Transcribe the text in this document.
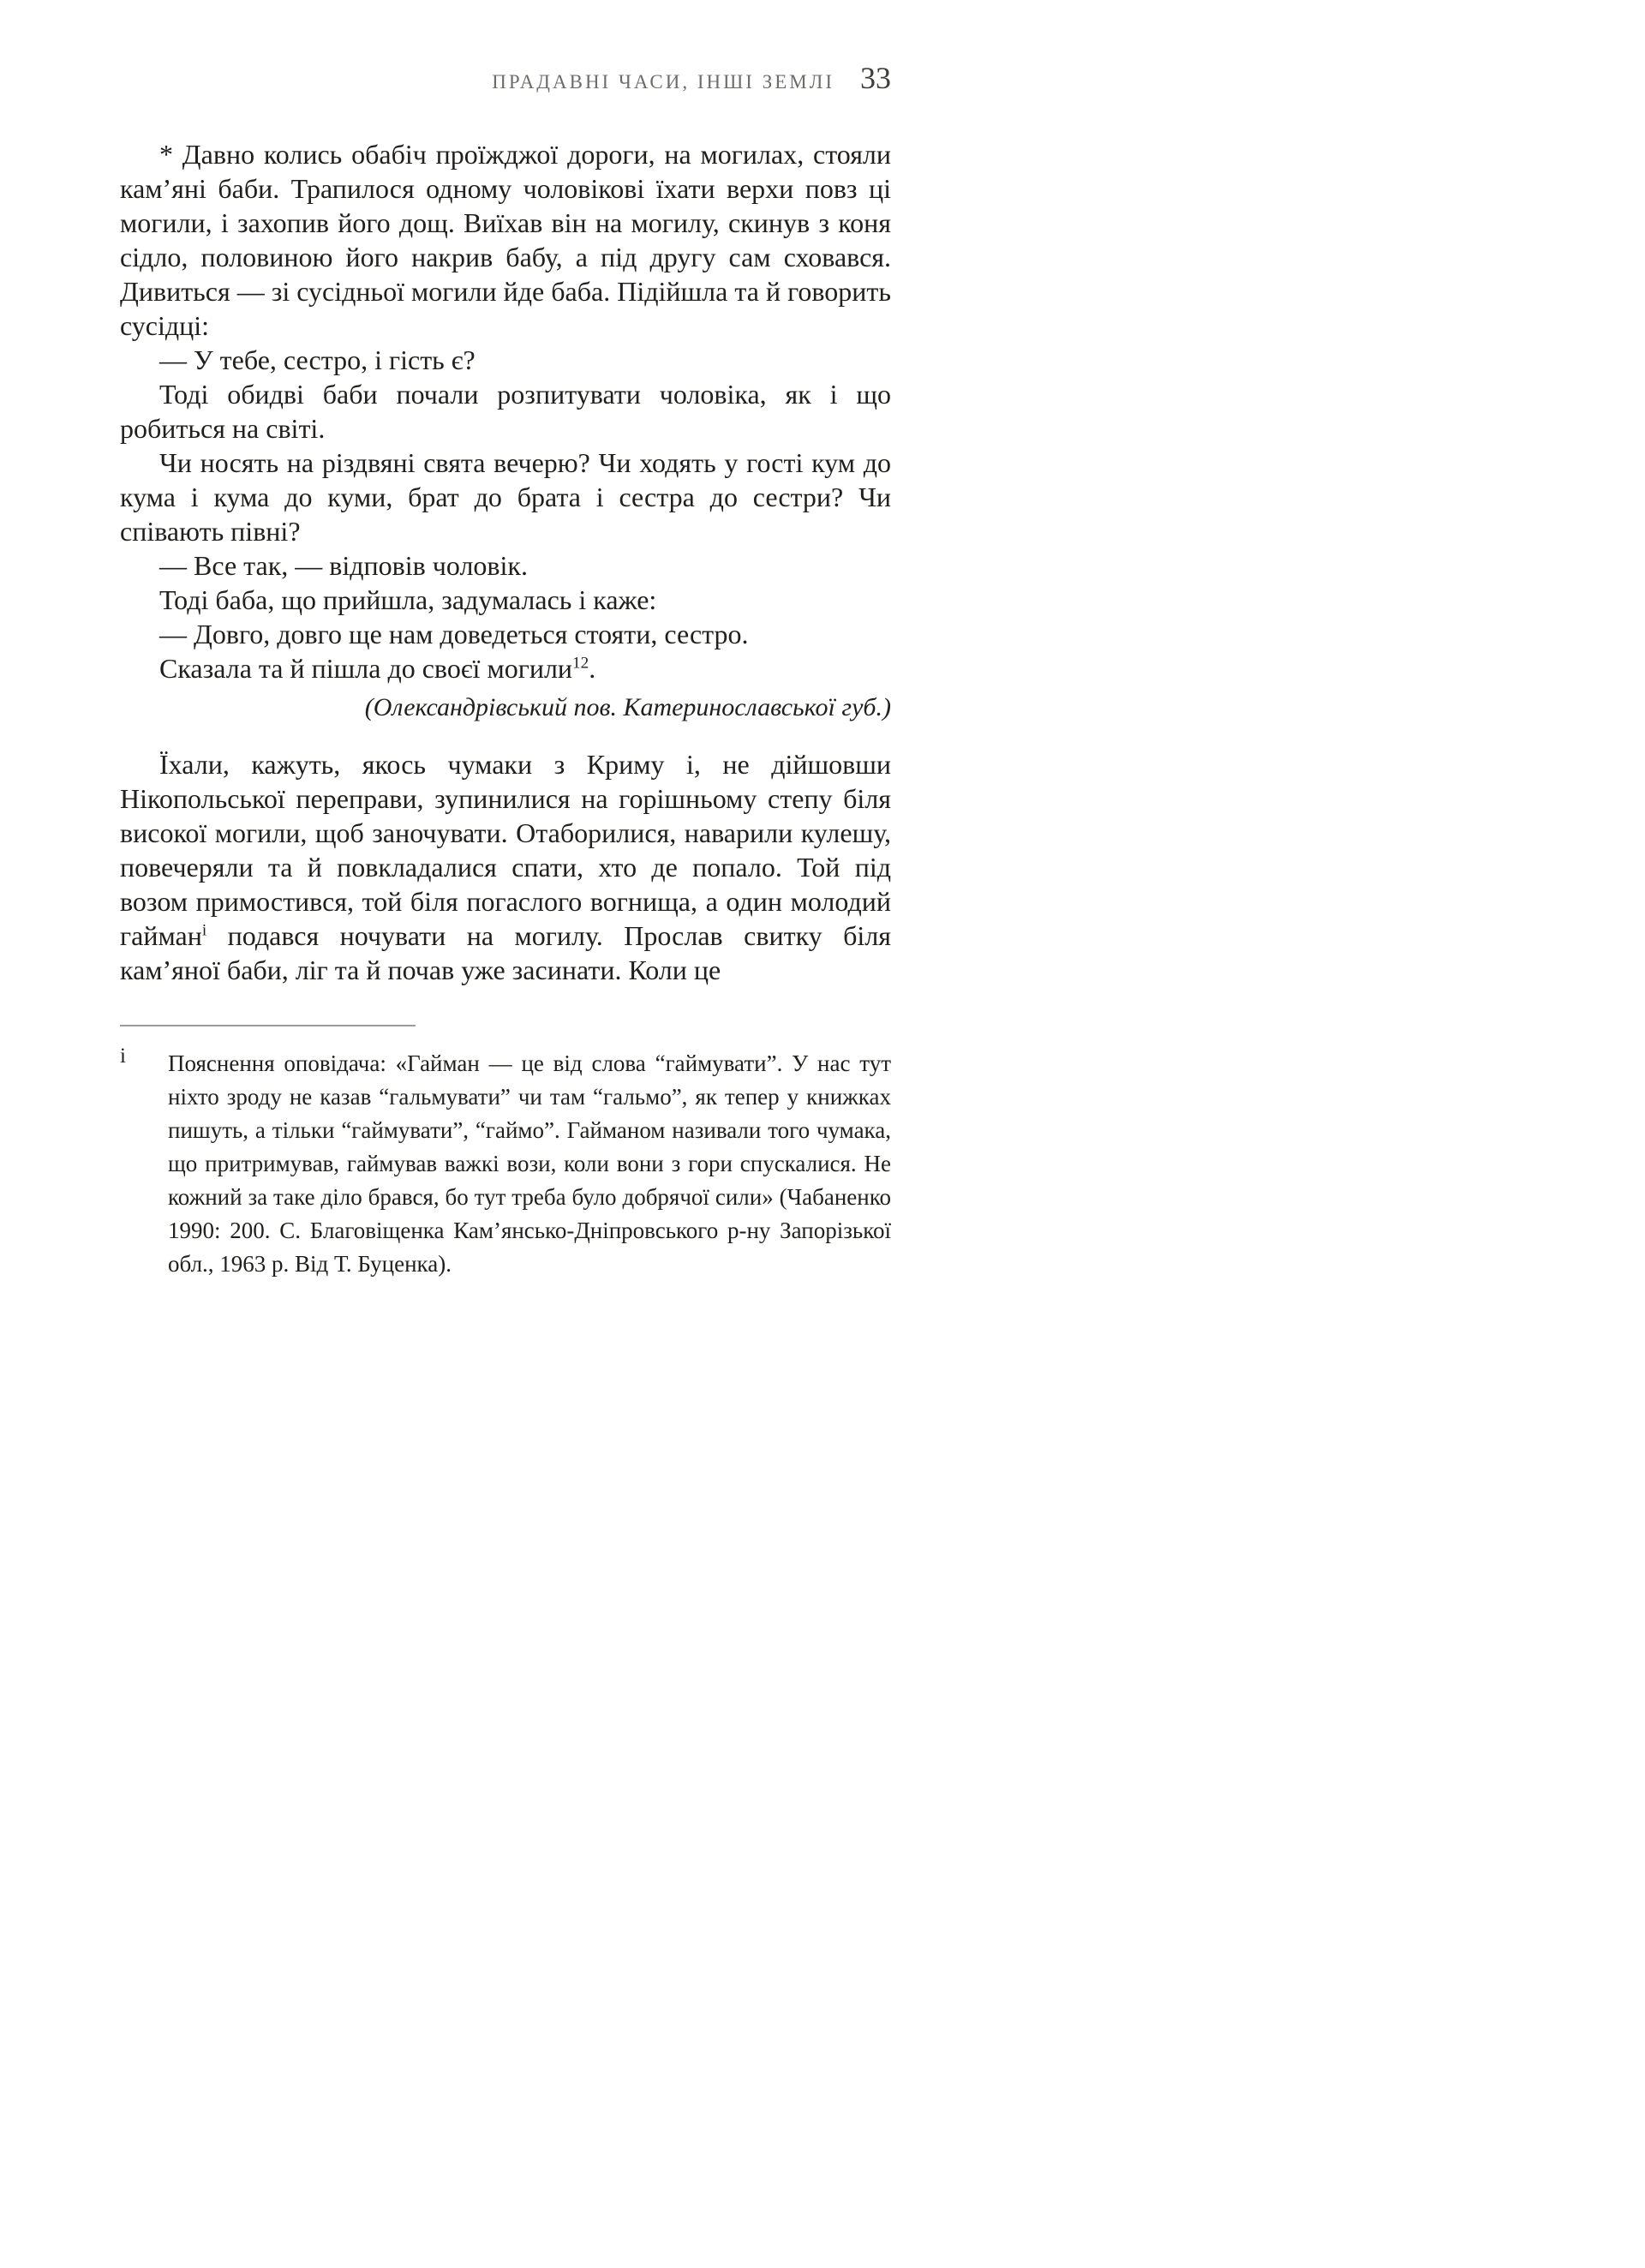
ПРАДАВНІ ЧАСИ, ІНШІ ЗЕМЛІ 33

* Давно колись обабіч проїжджої дороги, на могилах, стояли кам’яні баби. Трапилося одному чоловікові їхати верхи повз ці могили, і захопив його дощ. Виїхав він на могилу, скинув з коня сідло, половиною його накрив бабу, а під другу сам сховався. Дивиться — зі сусідньої могили йде баба. Підійшла та й говорить сусідці:

— У тебе, сестро, і гість є?

Тоді обидві баби почали розпитувати чоловіка, як і що робиться на світі.

Чи носять на різдвяні свята вечерю? Чи ходять у гості кум до кума і кума до куми, брат до брата і сестра до сестри? Чи співають півні?

— Все так, — відповів чоловік.

Тоді баба, що прийшла, задумалась і каже:

— Довго, довго ще нам доведеться стояти, сестро.

Сказала та й пішла до своєї могили$^{12}$.

(Олександрівський пов. Катеринославської губ.)

Їхали, кажуть, якось чумаки з Криму і, не дійшовши Нікопольської переправи, зупинилися на горішньому степу біля високої могили, щоб заночувати. Отаборилися, наварили кулешу, повечеряли та й повкладалися спати, хто де попало. Той під возом примостився, той біля погаслого вогнища, а один молодий гайман$^і$ подався ночувати на могилу. Прослав свитку біля кам’яної баби, ліг та й почав уже засинати. Коли це

і	Пояснення оповідача: «Гайман — це від слова “гаймувати”. У нас тут ніхто зроду не казав “гальмувати” чи там “гальмо”, як тепер у книжках пишуть, а тільки “гаймувати”, “гаймо”. Гайманом називали того чумака, що притримував, гаймував важкі вози, коли вони з гори спускалися. Не кожний за таке діло брався, бо тут треба було добрячої сили» (Чабаненко 1990: 200. С. Благовіщенка Кам’янсько-Дніпровського р-ну Запорізької обл., 1963 р. Від Т. Буценка).
